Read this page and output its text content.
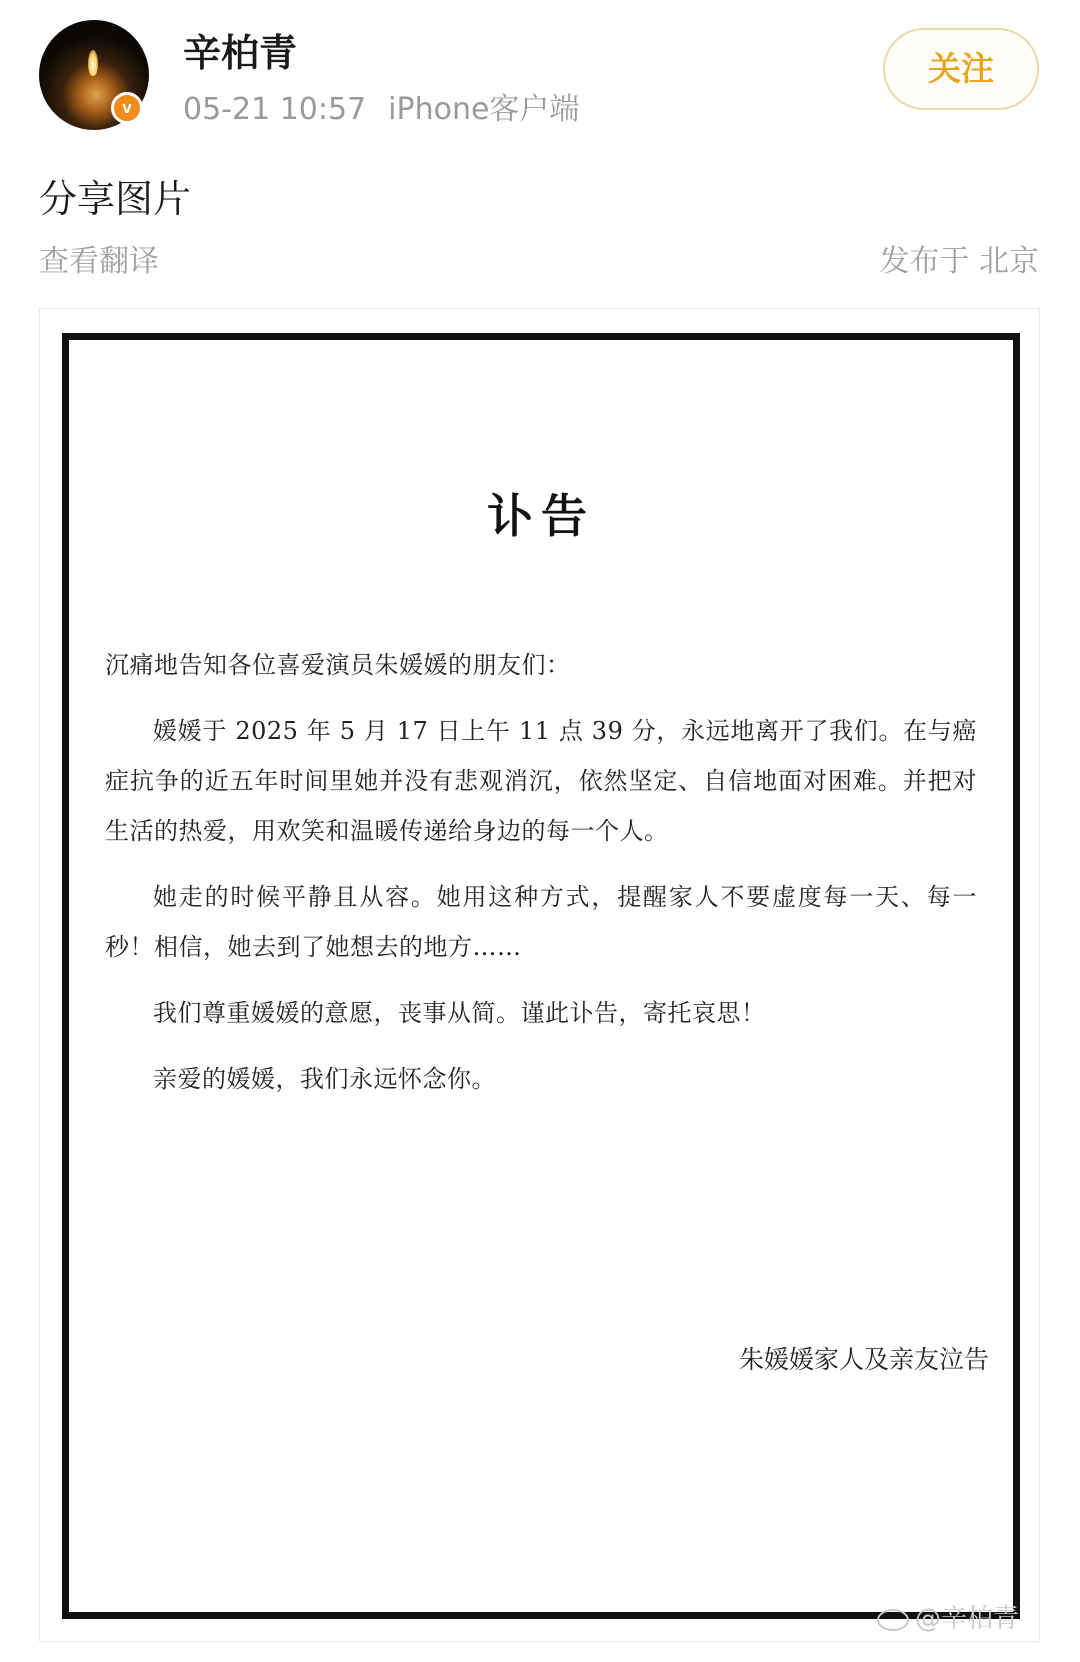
v
辛柏青
05-21 10:57 iPhone客户端
关注
分享图片
查看翻译	发布于 北京
讣告

沉痛地告知各位喜爱演员朱媛媛的朋友们：

媛媛于 2025 年 5 月 17 日上午 11 点 39 分，永远地离开了我们。在与癌症抗争的近五年时间里她并没有悲观消沉，依然坚定、自信地面对困难。并把对生活的热爱，用欢笑和温暖传递给身边的每一个人。

她走的时候平静且从容。她用这种方式，提醒家人不要虚度每一天、每一秒！相信，她去到了她想去的地方……

我们尊重媛媛的意愿，丧事从简。谨此讣告，寄托哀思！

亲爱的媛媛，我们永远怀念你。

朱媛媛家人及亲友泣告
@辛柏青
